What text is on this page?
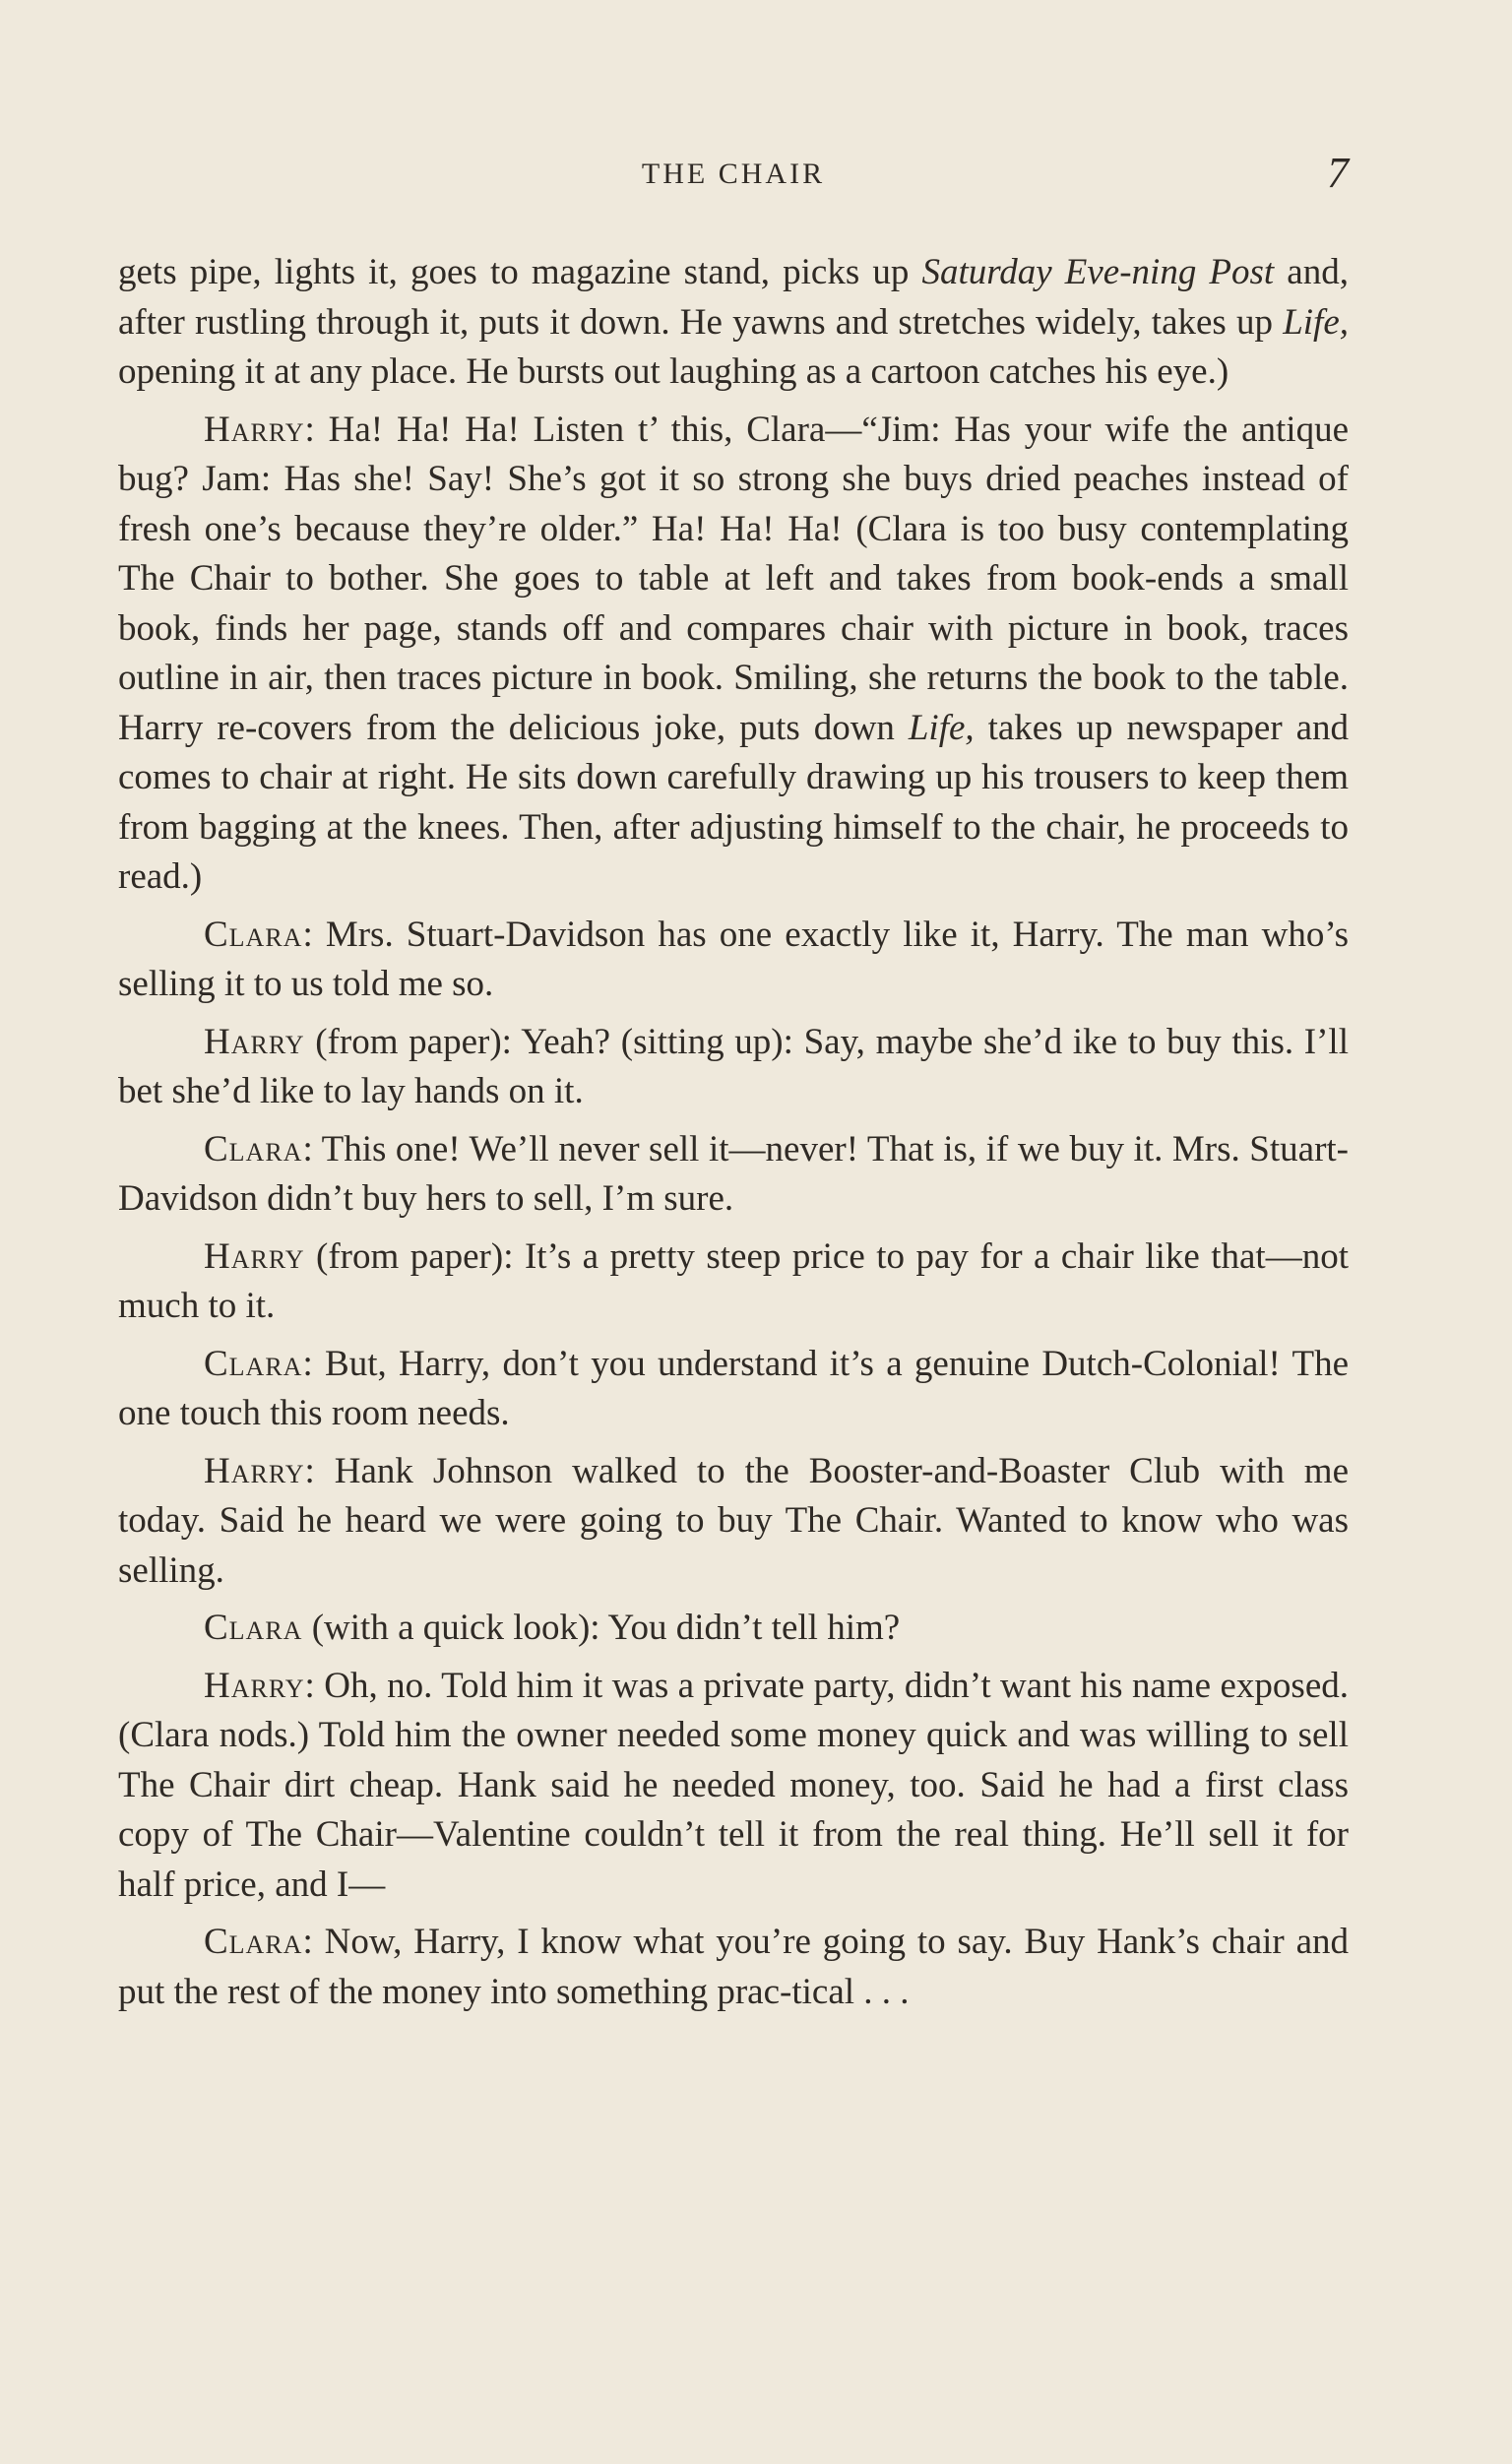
THE CHAIR	7

gets pipe, lights it, goes to magazine stand, picks up Saturday Eve-ning Post and, after rustling through it, puts it down. He yawns and stretches widely, takes up Life, opening it at any place. He bursts out laughing as a cartoon catches his eye.)

Harry: Ha! Ha! Ha! Listen t’ this, Clara—“Jim: Has your wife the antique bug? Jam: Has she! Say! She’s got it so strong she buys dried peaches instead of fresh one’s because they’re older.” Ha! Ha! Ha! (Clara is too busy contemplating The Chair to bother. She goes to table at left and takes from book-ends a small book, finds her page, stands off and compares chair with picture in book, traces outline in air, then traces picture in book. Smiling, she returns the book to the table. Harry re-covers from the delicious joke, puts down Life, takes up newspaper and comes to chair at right. He sits down carefully drawing up his trousers to keep them from bagging at the knees. Then, after adjusting himself to the chair, he proceeds to read.)

Clara: Mrs. Stuart-Davidson has one exactly like it, Harry. The man who’s selling it to us told me so.

Harry (from paper): Yeah? (sitting up): Say, maybe she’d ike to buy this. I’ll bet she’d like to lay hands on it.

Clara: This one! We’ll never sell it—never! That is, if we buy it. Mrs. Stuart-Davidson didn’t buy hers to sell, I’m sure.

Harry (from paper): It’s a pretty steep price to pay for a chair like that—not much to it.

Clara: But, Harry, don’t you understand it’s a genuine Dutch-Colonial! The one touch this room needs.

Harry: Hank Johnson walked to the Booster-and-Boaster Club with me today. Said he heard we were going to buy The Chair. Wanted to know who was selling.

Clara (with a quick look): You didn’t tell him?

Harry: Oh, no. Told him it was a private party, didn’t want his name exposed. (Clara nods.) Told him the owner needed some money quick and was willing to sell The Chair dirt cheap. Hank said he needed money, too. Said he had a first class copy of The Chair—Valentine couldn’t tell it from the real thing. He’ll sell it for half price, and I—

Clara: Now, Harry, I know what you’re going to say. Buy Hank’s chair and put the rest of the money into something prac-tical . . .
